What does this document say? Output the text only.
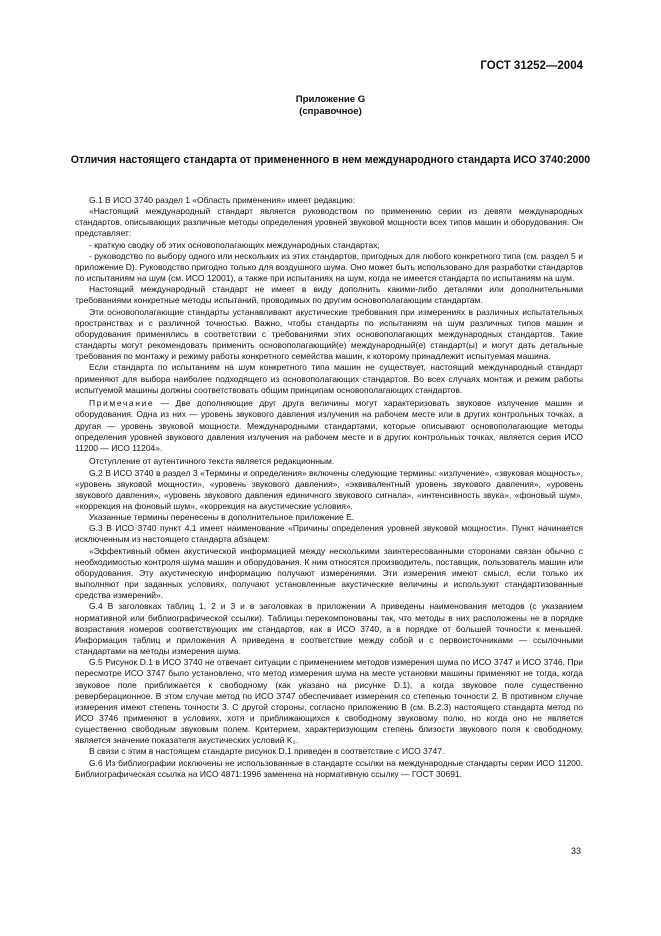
ГОСТ 31252—2004

Приложение G
(справочное)

Отличия настоящего стандарта от примененного в нем международного стандарта ИСО 3740:2000

G.1 В ИСО 3740 раздел 1 «Область применения» имеет редакцию:

«Настоящий международный стандарт является руководством по применению серии из девяти международных стандартов, описывающих различные методы определения уровней звуковой мощности всех типов машин и оборудования. Он представляет:

- краткую сводку об этих основополагающих международных стандартах;

- руководство по выбору одного или нескольких из этих стандартов, пригодных для любого конкретного типа (см. раздел 5 и приложение D). Руководство пригодно только для воздушного шума. Оно может быть использовано для разработки стандартов по испытаниям на шум (см. ИСО 12001), а также при испытаниях на шум, когда не имеется стандарта по испытаниям на шум.

Настоящий международный стандарт не имеет в виду дополнить какими-либо деталями или дополнительными требованиями конкретные методы испытаний, проводимых по другим основополагающим стандартам.

Эти основополагающие стандарты устанавливают акустические требования при измерениях в различных испытательных пространствах и с различной точностью. Важно, чтобы стандарты по испытаниям на шум различных типов машин и оборудования применялись в соответствии с требованиями этих основополагающих международных стандартов. Такие стандарты могут рекомендовать применить основополагающий(е) международный(е) стандарт(ы) и могут дать детальные требования по монтажу и режиму работы конкретного семейства машин, к которому принадлежит испытуемая машина.

Если стандарта по испытаниям на шум конкретного типа машин не существует, настоящий международный стандарт применяют для выбора наиболее подходящего из основополагающих стандартов. Во всех случаях монтаж и режим работы испытуемой машины должны соответствовать общим принципам основополагающих стандартов.

Примечание — Две дополняющие друг друга величины могут характеризовать звуковое излучение машин и оборудования. Одна из них — уровень звукового давления излучения на рабочем месте или в других контрольных точках, а другая — уровень звуковой мощности. Международными стандартами, которые описывают основополагающие методы определения уровней звукового давления излучения на рабочем месте и в других контрольных точках, является серия ИСО 11200 — ИСО 11204».

Отступление от аутентичного текста является редакционным.

G.2 В ИСО 3740 в раздел 3 «Термины и определения» включены следующие термины: «излучение», «звуковая мощность», «уровень звуковой мощности», «уровень звукового давления», «эквивалентный уровень звукового давления», «уровень звукового давления», «уровень звукового давления единичного звукового сигнала», «интенсивность звука», «фоновый шум», «коррекция на фоновый шум», «коррекция на акустические условия».

Указанные термины перенесены в дополнительное приложение Е.

G.3 В ИСО 3740 пункт 4.1 имеет наименование «Причины определения уровней звуковой мощности». Пункт начинается исключенным из настоящего стандарта абзацем:

«Эффективный обмен акустической информацией между несколькими заинтересованными сторонами связан обычно с необходимостью контроля шума машин и оборудования. К ним относятся производитель, поставщик, пользователь машин или оборудования. Эту акустическую информацию получают измерениями. Эти измерения имеют смысл, если только их выполняют при заданных условиях, получают установленные акустические величины и используют стандартизованные средства измерений».

G.4 В заголовках таблиц 1, 2 и 3 и в заголовках в приложении А приведены наименования методов (с указанием нормативной или библиографической ссылки). Таблицы перекомпонованы так, что методы в них расположены не в порядке возрастания номеров соответствующих им стандартов, как в ИСО 3740, а в порядке от большей точности к меньшей. Информация таблиц и приложения А приведена в соответствие между собой и с первоисточниками — ссылочными стандартами на методы измерения шума.

G.5 Рисунок D.1 в ИСО 3740 не отвечает ситуации с применением методов измерения шума по ИСО 3747 и ИСО 3746. При пересмотре ИСО 3747 было установлено, что метод измерения шума на месте установки машины применяют не тогда, когда звуковое поле приближается к свободному (как указано на рисунке D.1), а когда звуковое поле существенно реверберационное. В этом случае метод по ИСО 3747 обеспечивает измерения со степенью точности 2. В противном случае измерения имеют степень точности 3. С другой стороны, согласно приложению В (см. В.2.3) настоящего стандарта метод по ИСО 3746 применяют в условиях, хотя и приближающихся к свободному звуковому полю, но когда оно не является существенно свободным звуковым полем. Критерием, характеризующим степень близости звукового поля к свободному, является значение показателя акустических условий K₂.

В связи с этим в настоящем стандарте рисунок D.1 приведен в соответствие с ИСО 3747.

G.6 Из библиографии исключены не использованные в стандарте ссылки на международные стандарты серии ИСО 11200. Библиографическая ссылка на ИСО 4871:1996 заменена на нормативную ссылку — ГОСТ 30691.

33
